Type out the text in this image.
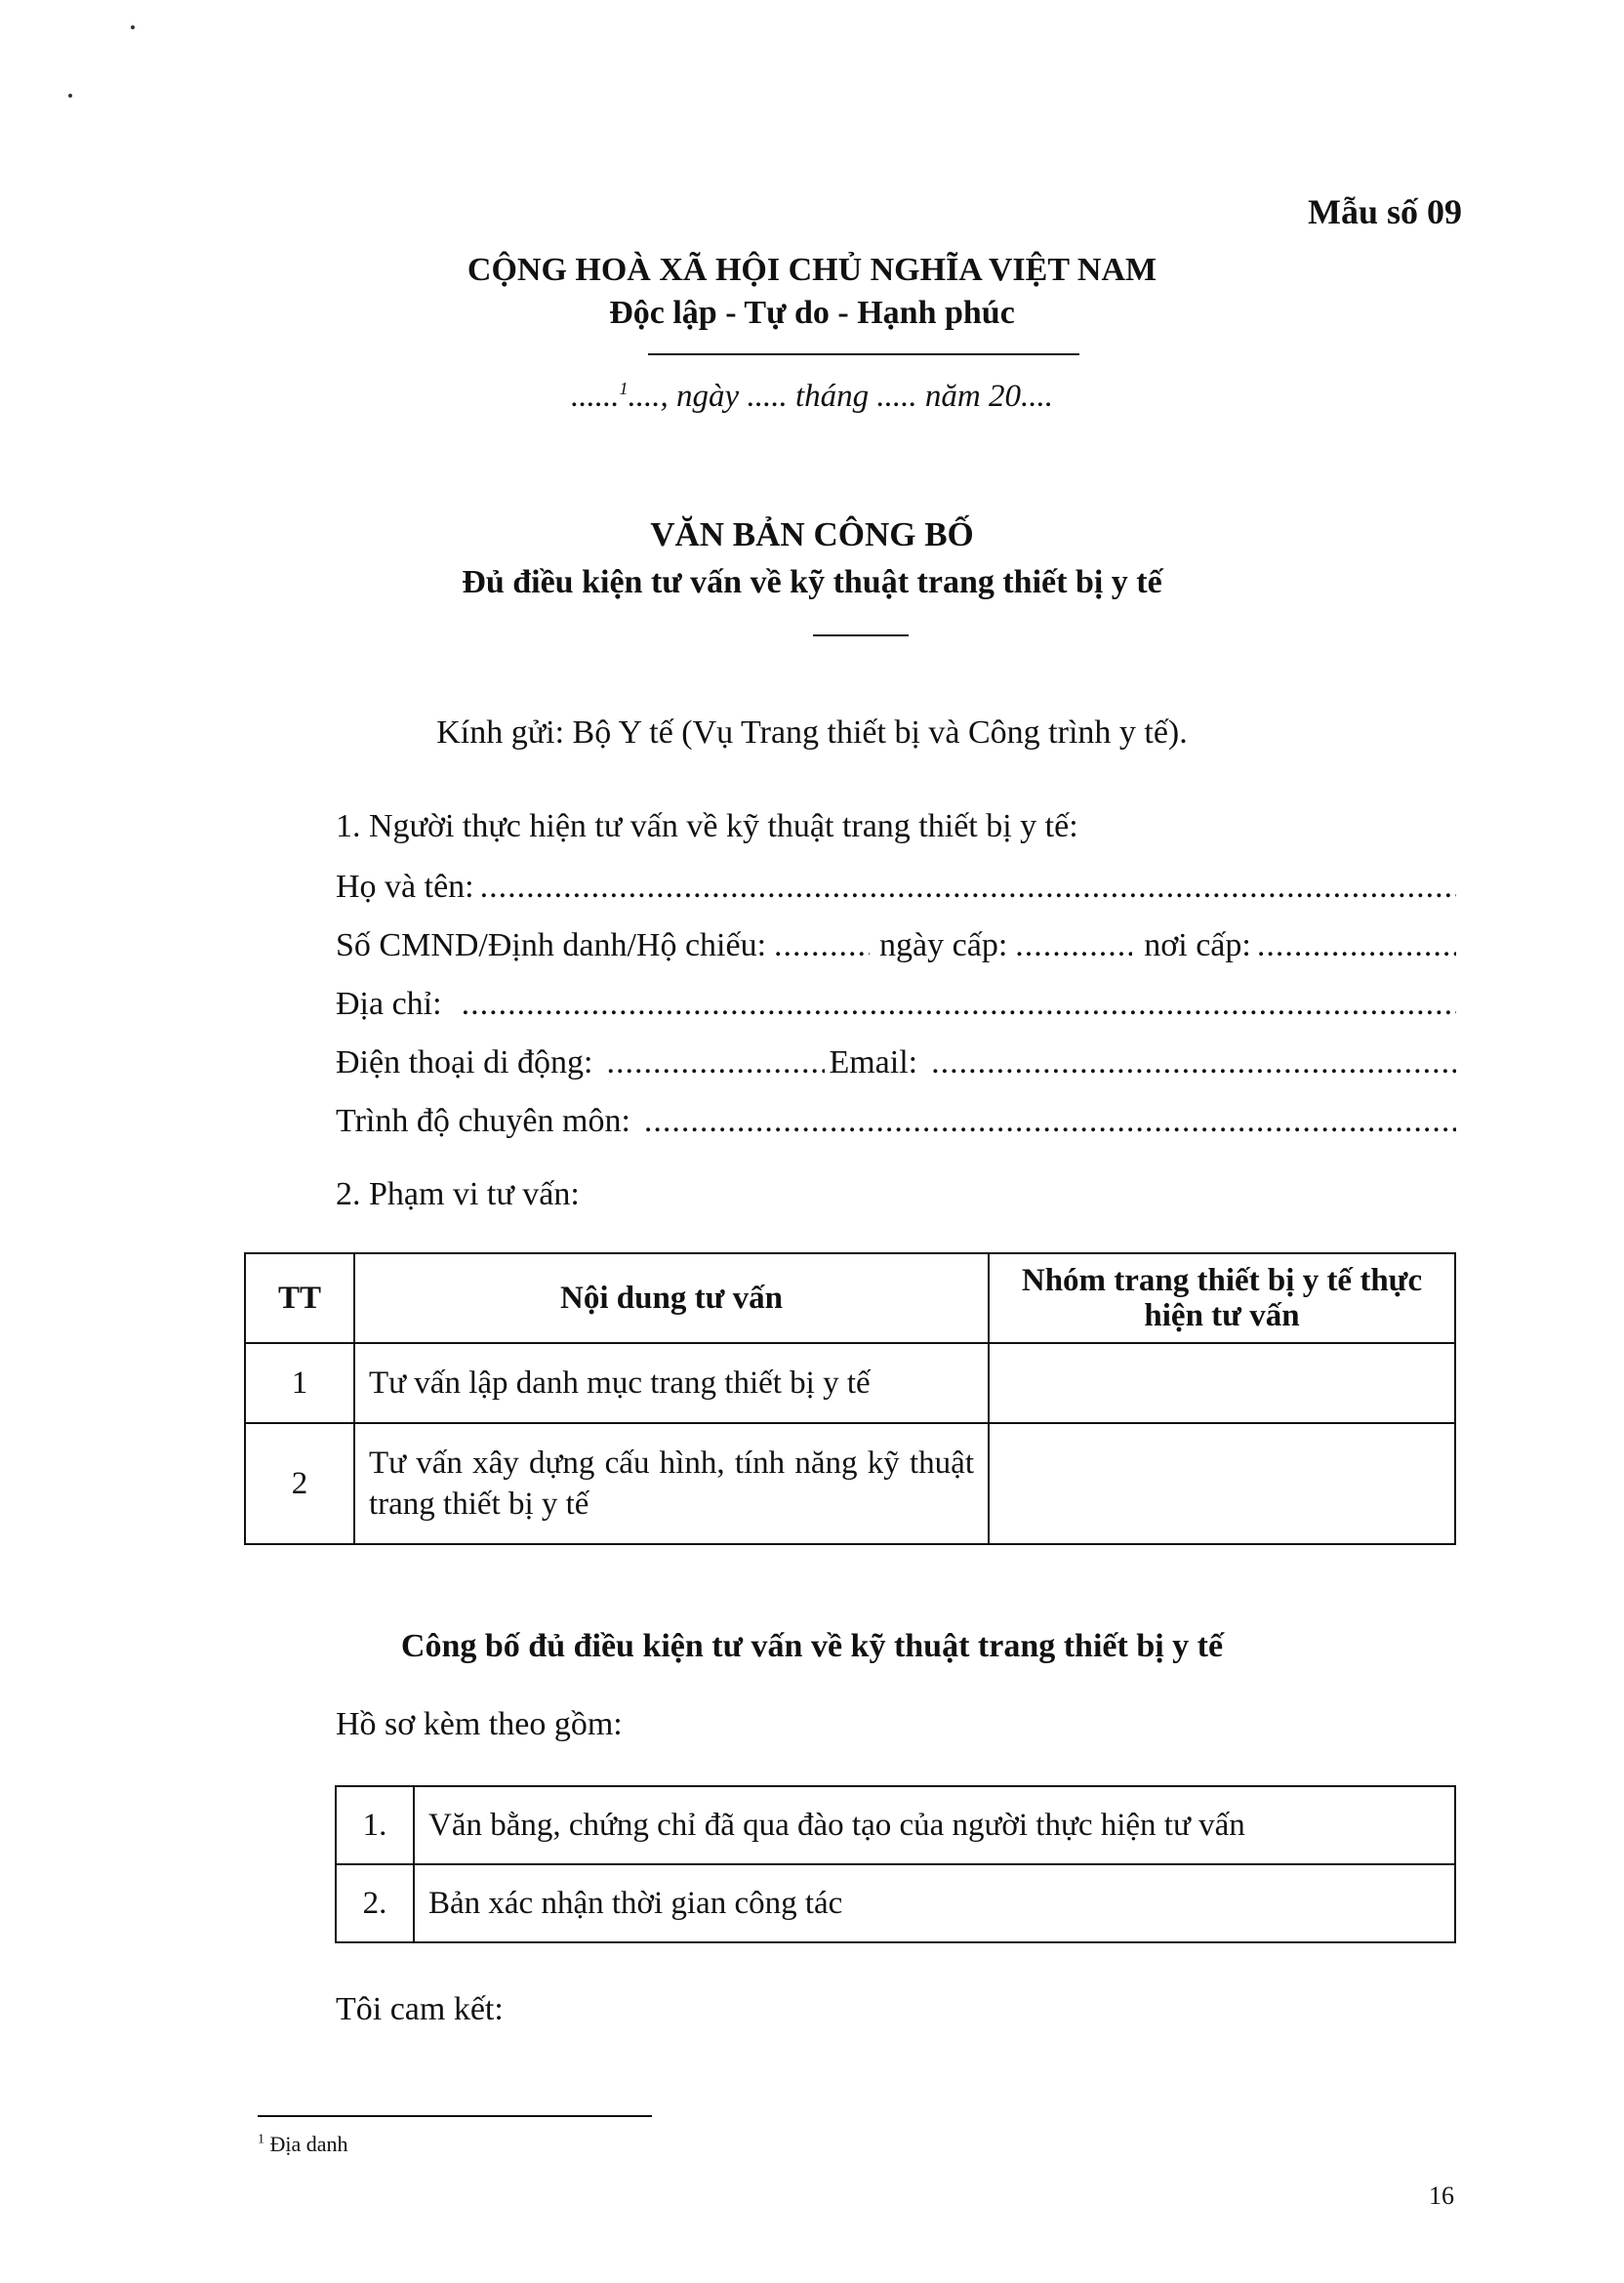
Mẫu số 09
CỘNG HOÀ XÃ HỘI CHỦ NGHĨA VIỆT NAM
Độc lập - Tự do - Hạnh phúc
......$^1$...., ngày ..... tháng ..... năm 20....
VĂN BẢN CÔNG BỐ
Đủ điều kiện tư vấn về kỹ thuật trang thiết bị y tế
Kính gửi: Bộ Y tế (Vụ Trang thiết bị và Công trình y tế).
1. Người thực hiện tư vấn về kỹ thuật trang thiết bị y tế:
Họ và tên:
.....
Số CMND/Định danh/Hộ chiếu: .....	ngày cấp: .....	nơi cấp:
.....
Địa chỉ:
.....
Điện thoại di động: .....	Email:
.....
Trình độ chuyên môn:
.....
2. Phạm vi tư vấn:
TT	Nội dung tư vấn	Nhóm trang thiết bị y tế thực hiện tư vấn
1	Tư vấn lập danh mục trang thiết bị y tế	
2	Tư vấn xây dựng cấu hình, tính năng kỹ thuật trang thiết bị y tế	
Công bố đủ điều kiện tư vấn về kỹ thuật trang thiết bị y tế
Hồ sơ kèm theo gồm:
1.	Văn bằng, chứng chỉ đã qua đào tạo của người thực hiện tư vấn
2.	Bản xác nhận thời gian công tác
Tôi cam kết:
$^1$ Địa danh
16
